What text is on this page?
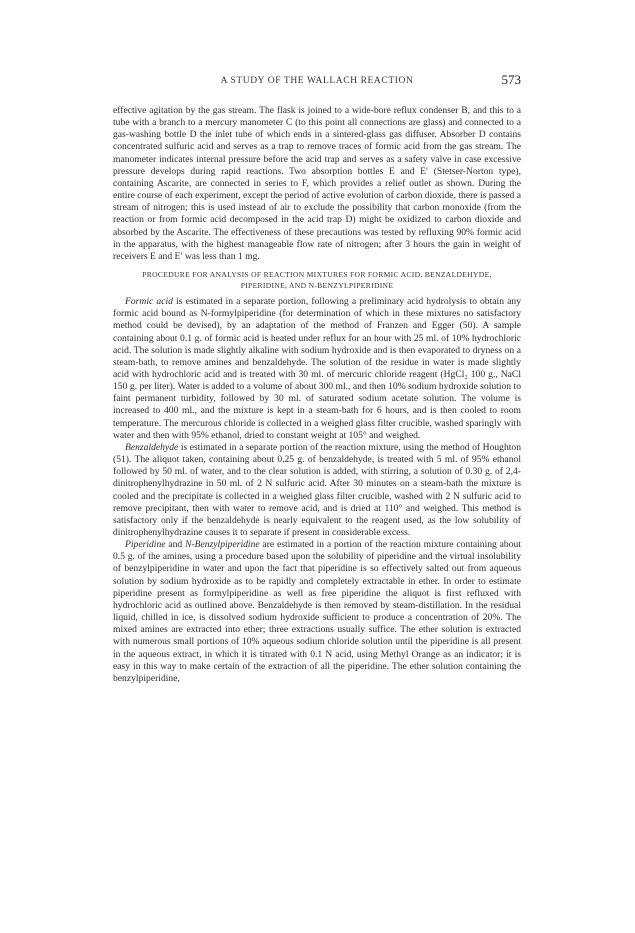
A STUDY OF THE WALLACH REACTION	573

effective agitation by the gas stream. The flask is joined to a wide-bore reflux condenser B, and this to a tube with a branch to a mercury manometer C (to this point all connections are glass) and connected to a gas-washing bottle D the inlet tube of which ends in a sintered-glass gas diffuser. Absorber D contains concentrated sulfuric acid and serves as a trap to remove traces of formic acid from the gas stream. The manometer indicates internal pressure before the acid trap and serves as a safety valve in case excessive pressure develops during rapid reactions. Two absorption bottles E and E′ (Stetser-Norton type), containing Ascarite, are connected in series to F, which provides a relief outlet as shown. During the entire course of each experiment, except the period of active evolution of carbon dioxide, there is passed a stream of nitrogen; this is used instead of air to exclude the possibility that carbon monoxide (from the reaction or from formic acid decomposed in the acid trap D) might be oxidized to carbon dioxide and absorbed by the Ascarite. The effectiveness of these precautions was tested by refluxing 90% formic acid in the apparatus, with the highest manageable flow rate of nitrogen; after 3 hours the gain in weight of receivers E and E′ was less than 1 mg.

PROCEDURE FOR ANALYSIS OF REACTION MIXTURES FOR FORMIC ACID, BENZALDEHYDE,
PIPERIDINE, AND N-BENZYLPIPERIDINE

Formic acid is estimated in a separate portion, following a preliminary acid hydrolysis to obtain any formic acid bound as N-formylpiperidine (for determination of which in these mixtures no satisfactory method could be devised), by an adaptation of the method of Franzen and Egger (50). A sample containing about 0.1 g. of formic acid is heated under reflux for an hour with 25 ml. of 10% hydrochloric acid. The solution is made slightly alkaline with sodium hydroxide and is then evaporated to dryness on a steam-bath, to remove amines and benzaldehyde. The solution of the residue in water is made slightly acid with hydrochloric acid and is treated with 30 ml. of mercuric chloride reagent (HgCl₂ 100 g., NaCl 150 g. per liter). Water is added to a volume of about 300 ml., and then 10% sodium hydroxide solution to faint permanent turbidity, followed by 30 ml. of saturated sodium acetate solution. The volume is increased to 400 ml., and the mixture is kept in a steam-bath for 6 hours, and is then cooled to room temperature. The mercurous chloride is collected in a weighed glass filter crucible, washed sparingly with water and then with 95% ethanol, dried to constant weight at 105° and weighed.

Benzaldehyde is estimated in a separate portion of the reaction mixture, using the method of Houghton (51). The aliquot taken, containing about 0.25 g. of benzaldehyde, is treated with 5 ml. of 95% ethanol followed by 50 ml. of water, and to the clear solution is added, with stirring, a solution of 0.30 g. of 2,4-dinitrophenylhydrazine in 50 ml. of 2 N sulfuric acid. After 30 minutes on a steam-bath the mixture is cooled and the precipitate is collected in a weighed glass filter crucible, washed with 2 N sulfuric acid to remove precipitant, then with water to remove acid, and is dried at 110° and weighed. This method is satisfactory only if the benzaldehyde is nearly equivalent to the reagent used, as the low solubility of dinitrophenylhydrazine causes it to separate if present in considerable excess.

Piperidine and N-Benzylpiperidine are estimated in a portion of the reaction mixture containing about 0.5 g. of the amines, using a procedure based upon the solubility of piperidine and the virtual insolubility of benzylpiperidine in water and upon the fact that piperidine is so effectively salted out from aqueous solution by sodium hydroxide as to be rapidly and completely extractable in ether. In order to estimate piperidine present as formylpiperidine as well as free piperidine the aliquot is first refluxed with hydrochloric acid as outlined above. Benzaldehyde is then removed by steam-distillation. In the residual liquid, chilled in ice, is dissolved sodium hydroxide sufficient to produce a concentration of 20%. The mixed amines are extracted into ether; three extractions usually suffice. The ether solution is extracted with numerous small portions of 10% aqueous sodium chloride solution until the piperidine is all present in the aqueous extract, in which it is titrated with 0.1 N acid, using Methyl Orange as an indicator; it is easy in this way to make certain of the extraction of all the piperidine. The ether solution containing the benzylpiperidine,
